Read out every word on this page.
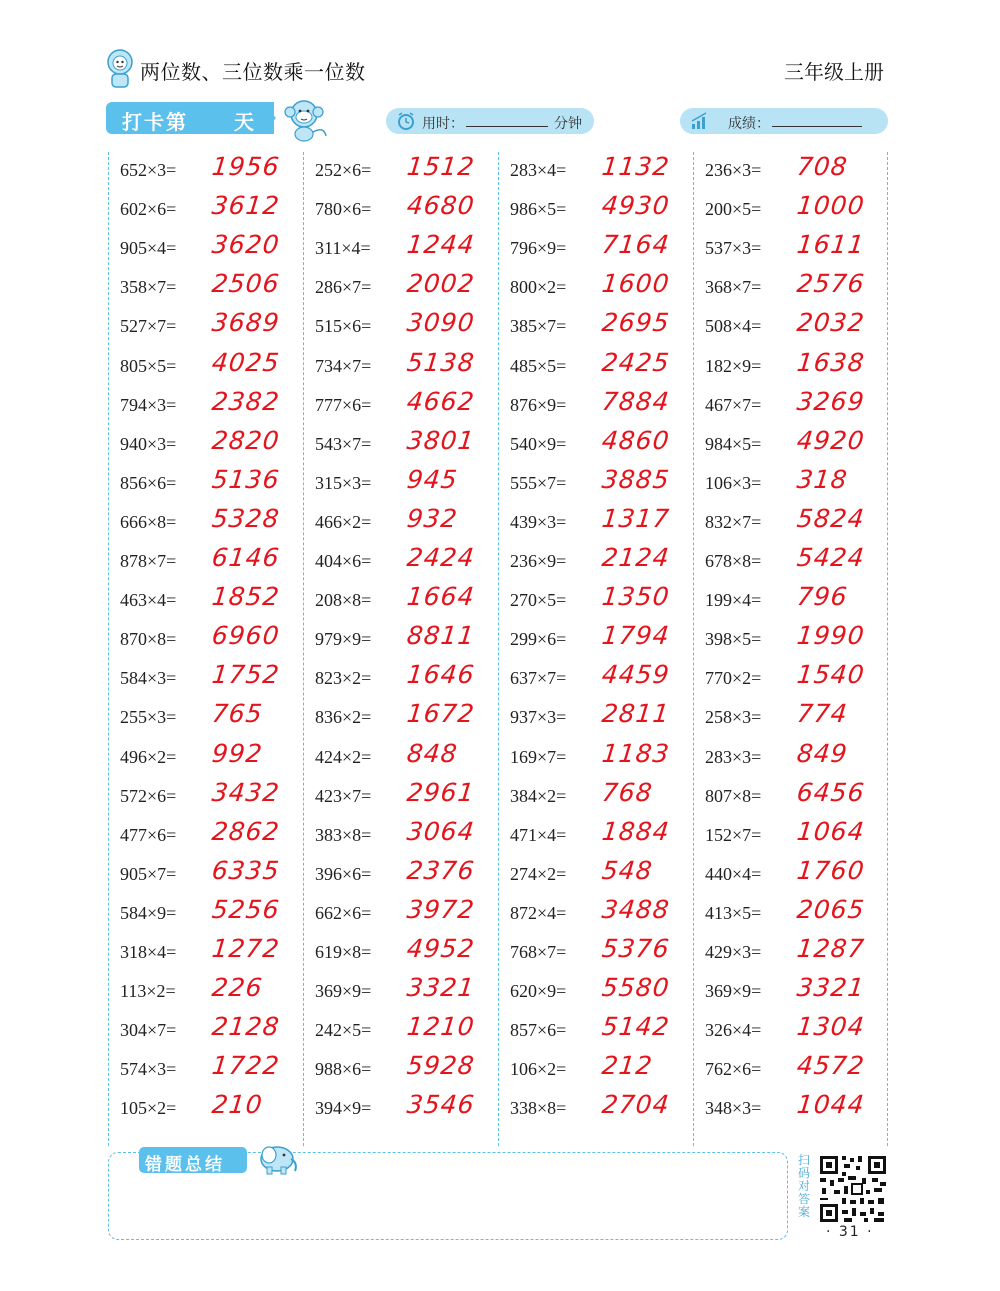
两位数、三位数乘一位数	三年级上册
打卡第 天	用时：	分钟	成绩：
652×3= 1956
602×6= 3612
905×4= 3620
358×7= 2506
527×7= 3689
805×5= 4025
794×3= 2382
940×3= 2820
856×6= 5136
666×8= 5328
878×7= 6146
463×4= 1852
870×8= 6960
584×3= 1752
255×3= 765
496×2= 992
572×6= 3432
477×6= 2862
905×7= 6335
584×9= 5256
318×4= 1272
113×2= 226
304×7= 2128
574×3= 1722
105×2= 210
252×6= 1512
780×6= 4680
311×4= 1244
286×7= 2002
515×6= 3090
734×7= 5138
777×6= 4662
543×7= 3801
315×3= 945
466×2= 932
404×6= 2424
208×8= 1664
979×9= 8811
823×2= 1646
836×2= 1672
424×2= 848
423×7= 2961
383×8= 3064
396×6= 2376
662×6= 3972
619×8= 4952
369×9= 3321
242×5= 1210
988×6= 5928
394×9= 3546
283×4= 1132
986×5= 4930
796×9= 7164
800×2= 1600
385×7= 2695
485×5= 2425
876×9= 7884
540×9= 4860
555×7= 3885
439×3= 1317
236×9= 2124
270×5= 1350
299×6= 1794
637×7= 4459
937×3= 2811
169×7= 1183
384×2= 768
471×4= 1884
274×2= 548
872×4= 3488
768×7= 5376
620×9= 5580
857×6= 5142
106×2= 212
338×8= 2704
236×3= 708
200×5= 1000
537×3= 1611
368×7= 2576
508×4= 2032
182×9= 1638
467×7= 3269
984×5= 4920
106×3= 318
832×7= 5824
678×8= 5424
199×4= 796
398×5= 1990
770×2= 1540
258×3= 774
283×3= 849
807×8= 6456
152×7= 1064
440×4= 1760
413×5= 2065
429×3= 1287
369×9= 3321
326×4= 1304
762×6= 4572
348×3= 1044
错题总结	扫码对答案
· 31 ·
